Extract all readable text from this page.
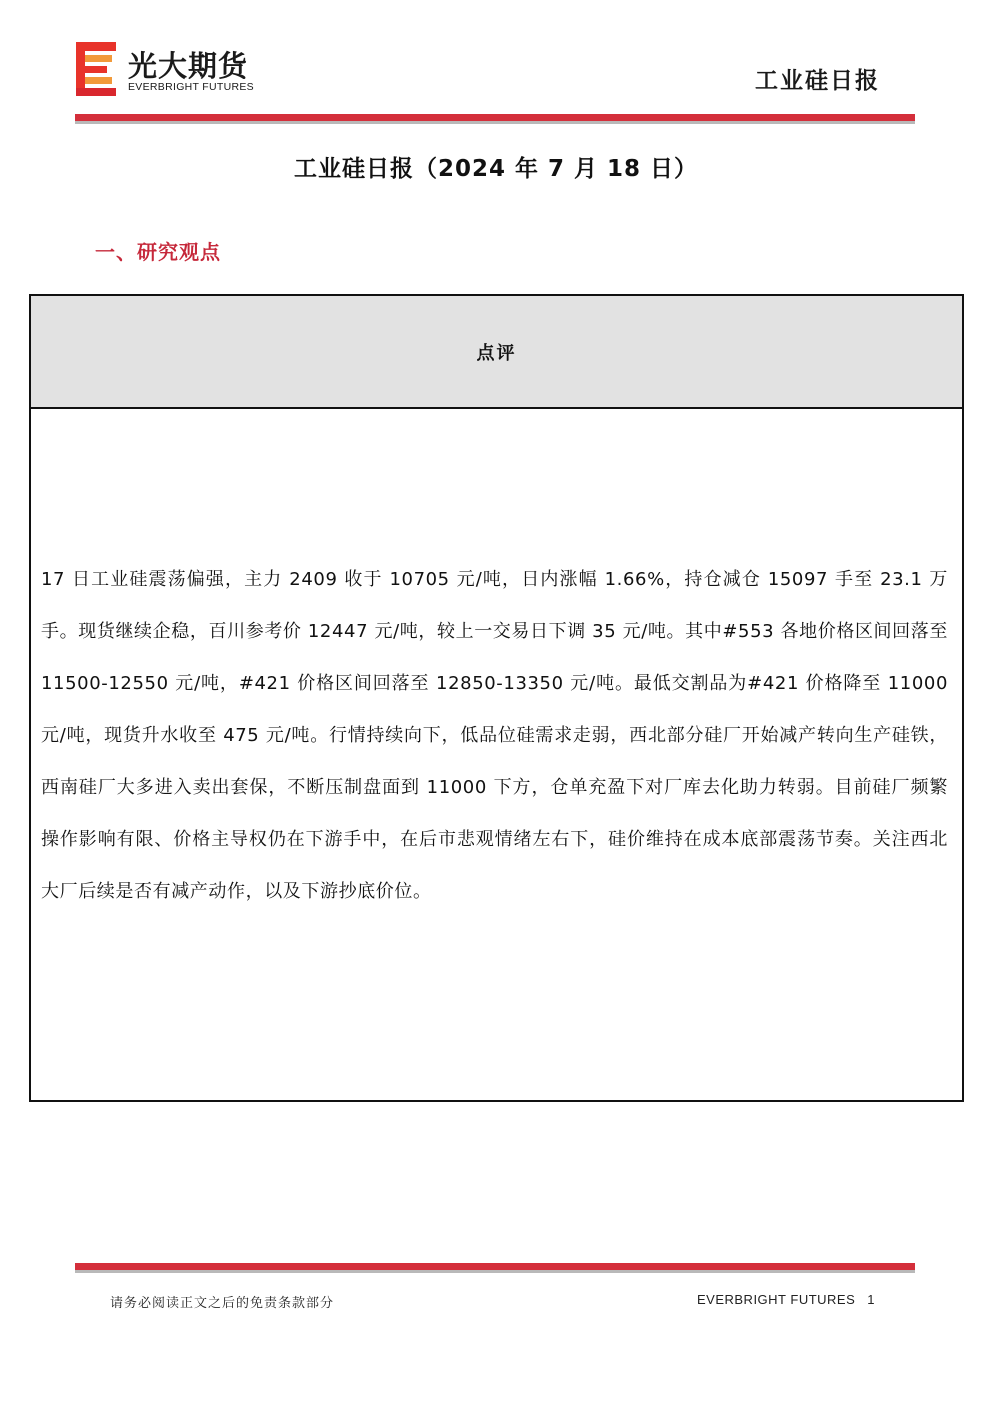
光大期货
EVERBRIGHT FUTURES	工业硅日报
工业硅日报（2024 年 7 月 18 日）
一、研究观点
点评

17 日工业硅震荡偏强，主力 2409 收于 10705 元/吨，日内涨幅 1.66%，持仓减仓 15097 手至 23.1 万手。现货继续企稳，百川参考价 12447 元/吨，较上一交易日下调 35 元/吨。其中#553 各地价格区间回落至 11500-12550 元/吨，#421 价格区间回落至 12850-13350 元/吨。最低交割品为#421 价格降至 11000 元/吨，现货升水收至 475 元/吨。行情持续向下，低品位硅需求走弱，西北部分硅厂开始减产转向生产硅铁，西南硅厂大多进入卖出套保，不断压制盘面到 11000 下方，仓单充盈下对厂库去化助力转弱。目前硅厂频繁操作影响有限、价格主导权仍在下游手中，在后市悲观情绪左右下，硅价维持在成本底部震荡节奏。关注西北大厂后续是否有减产动作，以及下游抄底价位。

请务必阅读正文之后的免责条款部分	EVERBRIGHT FUTURES 1
